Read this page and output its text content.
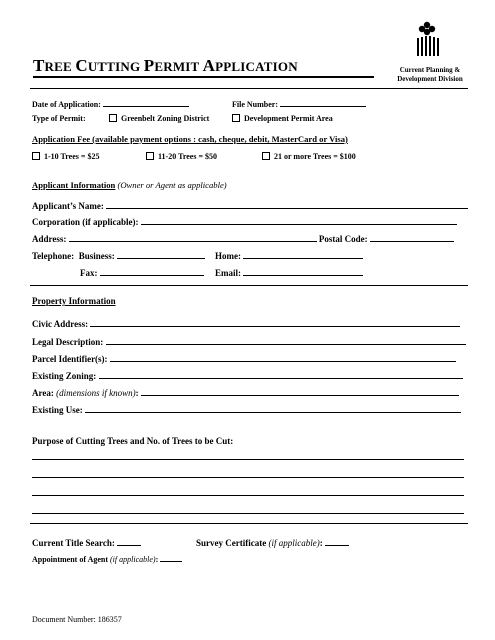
TREE CUTTING PERMIT APPLICATION	Current Planning &
Development Division
Date of Application:	File Number:
Type of Permit:	Greenbelt Zoning District	Development Permit Area
Application Fee (available payment options : cash, cheque, debit, MasterCard or Visa)
1-10 Trees = $25	11-20 Trees = $50	21 or more Trees = $100
Applicant Information (Owner or Agent as applicable)
Applicant’s Name:
Corporation (if applicable):
Address:	Postal Code:
Telephone: Business:	Home:
Fax:	Email:
Property Information
Civic Address:
Legal Description:
Parcel Identifier(s):
Existing Zoning:
Area: (dimensions if known):
Existing Use:
Purpose of Cutting Trees and No. of Trees to be Cut:
Current Title Search:	Survey Certificate (if applicable):
Appointment of Agent (if applicable):
Document Number: 186357
